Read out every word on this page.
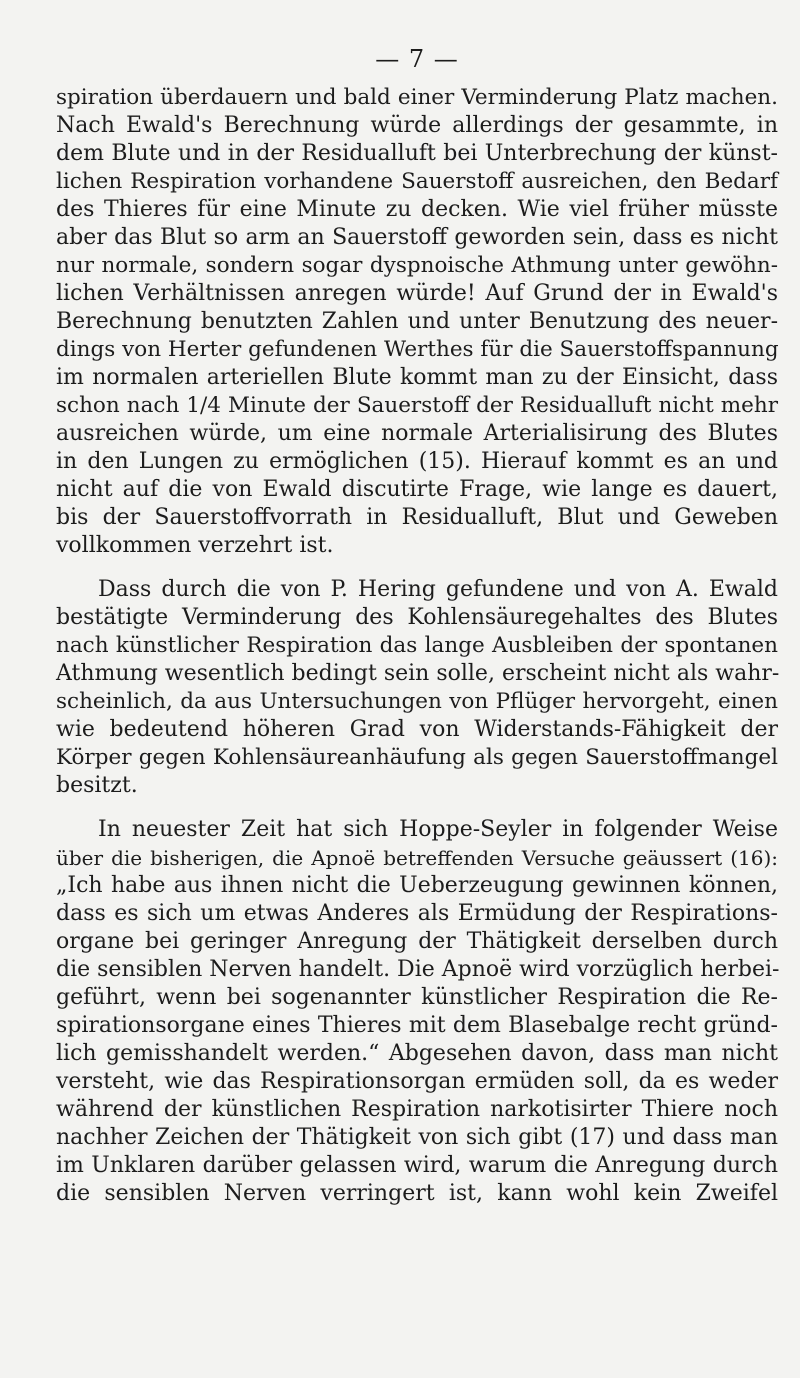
— 7 —
spiration überdauern und bald einer Verminderung Platz machen.
Nach Ewald's Berechnung würde allerdings der gesammte, in
dem Blute und in der Residualluft bei Unterbrechung der künst-
lichen Respiration vorhandene Sauerstoff ausreichen, den Bedarf
des Thieres für eine Minute zu decken. Wie viel früher müsste
aber das Blut so arm an Sauerstoff geworden sein, dass es nicht
nur normale, sondern sogar dyspnoische Athmung unter gewöhn-
lichen Verhältnissen anregen würde! Auf Grund der in Ewald's
Berechnung benutzten Zahlen und unter Benutzung des neuer-
dings von Herter gefundenen Werthes für die Sauerstoffspannung
im normalen arteriellen Blute kommt man zu der Einsicht, dass
schon nach 1/4 Minute der Sauerstoff der Residualluft nicht mehr
ausreichen würde, um eine normale Arterialisirung des Blutes
in den Lungen zu ermöglichen (15). Hierauf kommt es an und
nicht auf die von Ewald discutirte Frage, wie lange es dauert,
bis der Sauerstoffvorrath in Residualluft, Blut und Geweben
vollkommen verzehrt ist.
Dass durch die von P. Hering gefundene und von A. Ewald
bestätigte Verminderung des Kohlensäuregehaltes des Blutes
nach künstlicher Respiration das lange Ausbleiben der spontanen
Athmung wesentlich bedingt sein solle, erscheint nicht als wahr-
scheinlich, da aus Untersuchungen von Pflüger hervorgeht, einen
wie bedeutend höheren Grad von Widerstands-Fähigkeit der
Körper gegen Kohlensäureanhäufung als gegen Sauerstoffmangel
besitzt.
In neuester Zeit hat sich Hoppe-Seyler in folgender Weise
über die bisherigen, die Apnoë betreffenden Versuche geäussert (16):
„Ich habe aus ihnen nicht die Ueberzeugung gewinnen können,
dass es sich um etwas Anderes als Ermüdung der Respirations-
organe bei geringer Anregung der Thätigkeit derselben durch
die sensiblen Nerven handelt. Die Apnoë wird vorzüglich herbei-
geführt, wenn bei sogenannter künstlicher Respiration die Re-
spirationsorgane eines Thieres mit dem Blasebalge recht gründ-
lich gemisshandelt werden.“ Abgesehen davon, dass man nicht
versteht, wie das Respirationsorgan ermüden soll, da es weder
während der künstlichen Respiration narkotisirter Thiere noch
nachher Zeichen der Thätigkeit von sich gibt (17) und dass man
im Unklaren darüber gelassen wird, warum die Anregung durch
die sensiblen Nerven verringert ist, kann wohl kein Zweifel
